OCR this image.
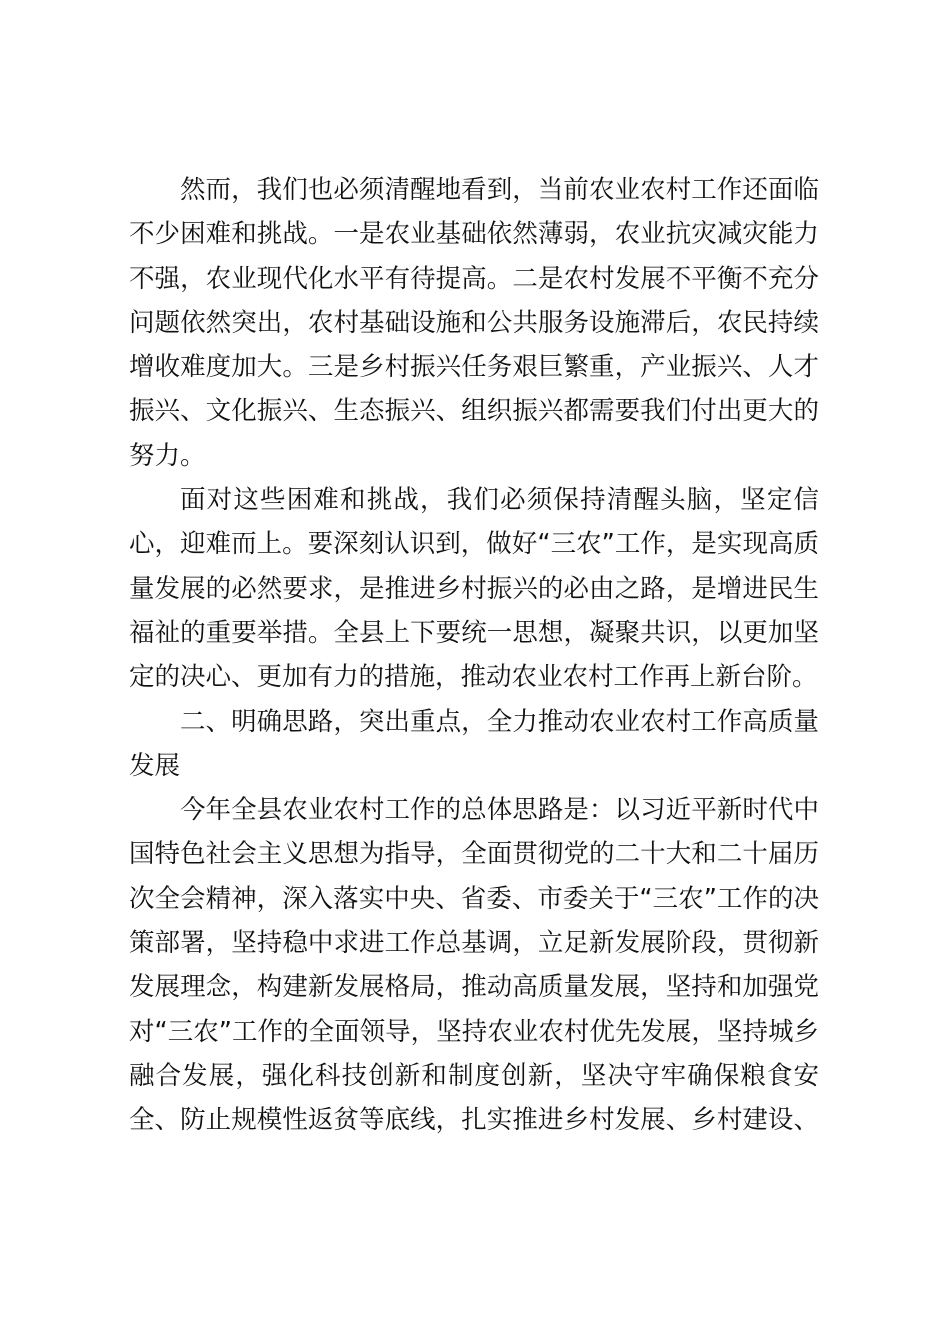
然而，我们也必须清醒地看到，当前农业农村工作还面临
不少困难和挑战。一是农业基础依然薄弱，农业抗灾减灾能力
不强，农业现代化水平有待提高。二是农村发展不平衡不充分
问题依然突出，农村基础设施和公共服务设施滞后，农民持续
增收难度加大。三是乡村振兴任务艰巨繁重，产业振兴、人才
振兴、文化振兴、生态振兴、组织振兴都需要我们付出更大的
努力。
面对这些困难和挑战，我们必须保持清醒头脑，坚定信
心，迎难而上。要深刻认识到，做好“三农”工作，是实现高质
量发展的必然要求，是推进乡村振兴的必由之路，是增进民生
福祉的重要举措。全县上下要统一思想，凝聚共识，以更加坚
定的决心、更加有力的措施，推动农业农村工作再上新台阶。
二、明确思路，突出重点，全力推动农业农村工作高质量
发展
今年全县农业农村工作的总体思路是：以习近平新时代中
国特色社会主义思想为指导，全面贯彻党的二十大和二十届历
次全会精神，深入落实中央、省委、市委关于“三农”工作的决
策部署，坚持稳中求进工作总基调，立足新发展阶段，贯彻新
发展理念，构建新发展格局，推动高质量发展，坚持和加强党
对“三农”工作的全面领导，坚持农业农村优先发展，坚持城乡
融合发展，强化科技创新和制度创新，坚决守牢确保粮食安
全、防止规模性返贫等底线，扎实推进乡村发展、乡村建设、
